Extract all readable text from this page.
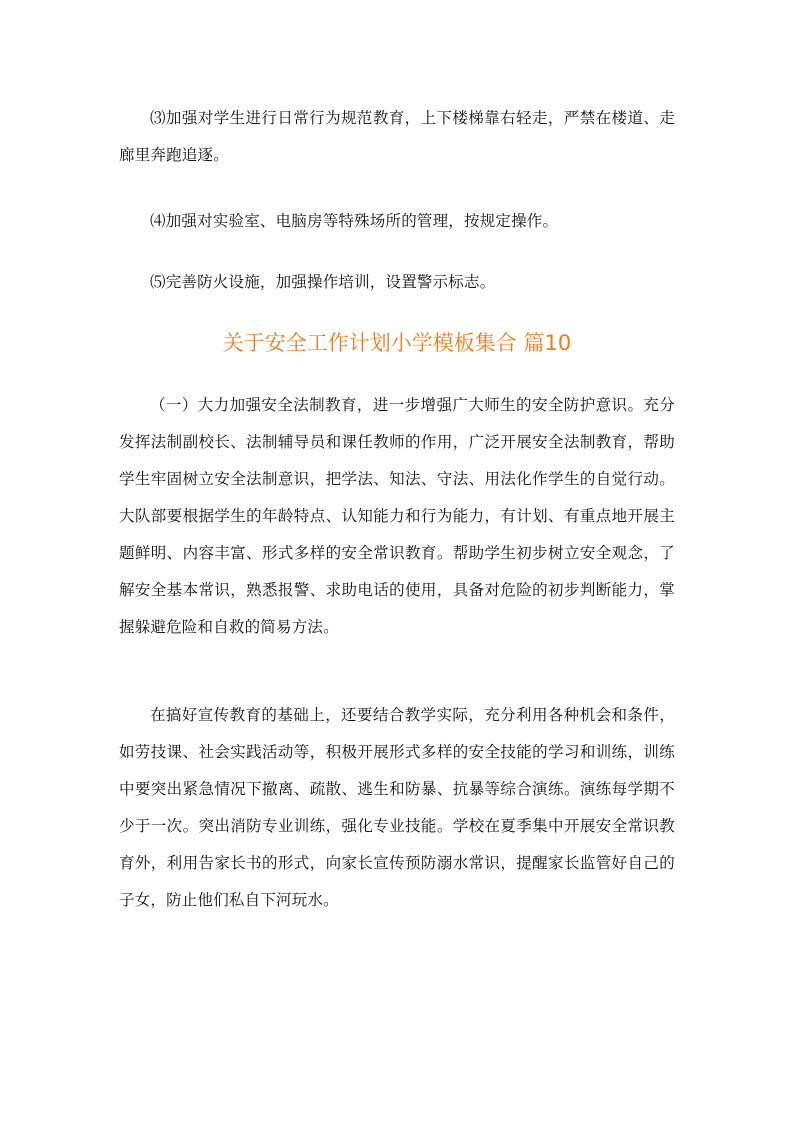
⑶加强对学生进行日常行为规范教育，上下楼梯靠右轻走，严禁在楼道、走廊里奔跑追逐。

⑷加强对实验室、电脑房等特殊场所的管理，按规定操作。

⑸完善防火设施，加强操作培训，设置警示标志。

关于安全工作计划小学模板集合 篇10

（一）大力加强安全法制教育，进一步增强广大师生的安全防护意识。充分发挥法制副校长、法制辅导员和课任教师的作用，广泛开展安全法制教育，帮助学生牢固树立安全法制意识，把学法、知法、守法、用法化作学生的自觉行动。大队部要根据学生的年龄特点、认知能力和行为能力，有计划、有重点地开展主题鲜明、内容丰富、形式多样的安全常识教育。帮助学生初步树立安全观念，了解安全基本常识，熟悉报警、求助电话的使用，具备对危险的初步判断能力，掌握躲避危险和自救的简易方法。

在搞好宣传教育的基础上，还要结合教学实际，充分利用各种机会和条件，如劳技课、社会实践活动等，积极开展形式多样的安全技能的学习和训练，训练中要突出紧急情况下撤离、疏散、逃生和防暴、抗暴等综合演练。演练每学期不少于一次。突出消防专业训练，强化专业技能。学校在夏季集中开展安全常识教育外，利用告家长书的形式，向家长宣传预防溺水常识，提醒家长监管好自己的子女，防止他们私自下河玩水。
